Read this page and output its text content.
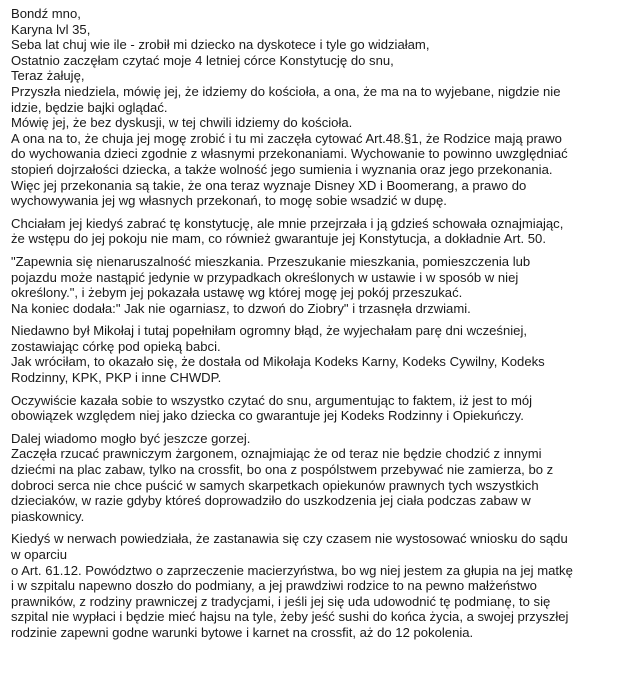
Bondź mno,
Karyna lvl 35,
Seba lat chuj wie ile - zrobił mi dziecko na dyskotece i tyle go widziałam,
Ostatnio zaczęłam czytać moje 4 letniej córce Konstytucję do snu,
Teraz żałuję,
Przyszła niedziela, mówię jej, że idziemy do kościoła, a ona, że ma na to wyjebane, nigdzie nie
idzie, będzie bajki oglądać.
Mówię jej, że bez dyskusji, w tej chwili idziemy do kościoła.
A ona na to, że chuja jej mogę zrobić i tu mi zaczęła cytować Art.48.§1, że Rodzice mają prawo
do wychowania dzieci zgodnie z własnymi przekonaniami. Wychowanie to powinno uwzględniać
stopień dojrzałości dziecka, a także wolność jego sumienia i wyznania oraz jego przekonania.
Więc jej przekonania są takie, że ona teraz wyznaje Disney XD i Boomerang, a prawo do
wychowywania jej wg własnych przekonań, to mogę sobie wsadzić w dupę.
Chciałam jej kiedyś zabrać tę konstytucję, ale mnie przejrzała i ją gdzieś schowała oznajmiając,
że wstępu do jej pokoju nie mam, co również gwarantuje jej Konstytucja, a dokładnie Art. 50.
"Zapewnia się nienaruszalność mieszkania. Przeszukanie mieszkania, pomieszczenia lub
pojazdu może nastąpić jedynie w przypadkach określonych w ustawie i w sposób w niej
określony.", i żebym jej pokazała ustawę wg której mogę jej pokój przeszukać.
Na koniec dodała:" Jak nie ogarniasz, to dzwoń do Ziobry" i trzasnęła drzwiami.
Niedawno był Mikołaj i tutaj popełniłam ogromny błąd, że wyjechałam parę dni wcześniej,
zostawiając córkę pod opieką babci.
Jak wróciłam, to okazało się, że dostała od Mikołaja Kodeks Karny, Kodeks Cywilny, Kodeks
Rodzinny, KPK, PKP i inne CHWDP.
Oczywiście kazała sobie to wszystko czytać do snu, argumentując to faktem, iż jest to mój
obowiązek względem niej jako dziecka co gwarantuje jej Kodeks Rodzinny i Opiekuńczy.
Dalej wiadomo mogło być jeszcze gorzej.
Zaczęła rzucać prawniczym żargonem, oznajmiając że od teraz nie będzie chodzić z innymi
dziećmi na plac zabaw, tylko na crossfit, bo ona z pospólstwem przebywać nie zamierza, bo z
dobroci serca nie chce puścić w samych skarpetkach opiekunów prawnych tych wszystkich
dzieciaków, w razie gdyby któreś doprowadziło do uszkodzenia jej ciała podczas zabaw w
piaskownicy.
Kiedyś w nerwach powiedziała, że zastanawia się czy czasem nie wystosować wniosku do sądu
w oparciu
o Art. 61.12. Powództwo o zaprzeczenie macierzyństwa, bo wg niej jestem za głupia na jej matkę
i w szpitalu napewno doszło do podmiany, a jej prawdziwi rodzice to na pewno małżeństwo
prawników, z rodziny prawniczej z tradycjami, i jeśli jej się uda udowodnić tę podmianę, to się
szpital nie wypłaci i będzie mieć hajsu na tyle, żeby jeść sushi do końca życia, a swojej przyszłej
rodzinie zapewni godne warunki bytowe i karnet na crossfit, aż do 12 pokolenia.
